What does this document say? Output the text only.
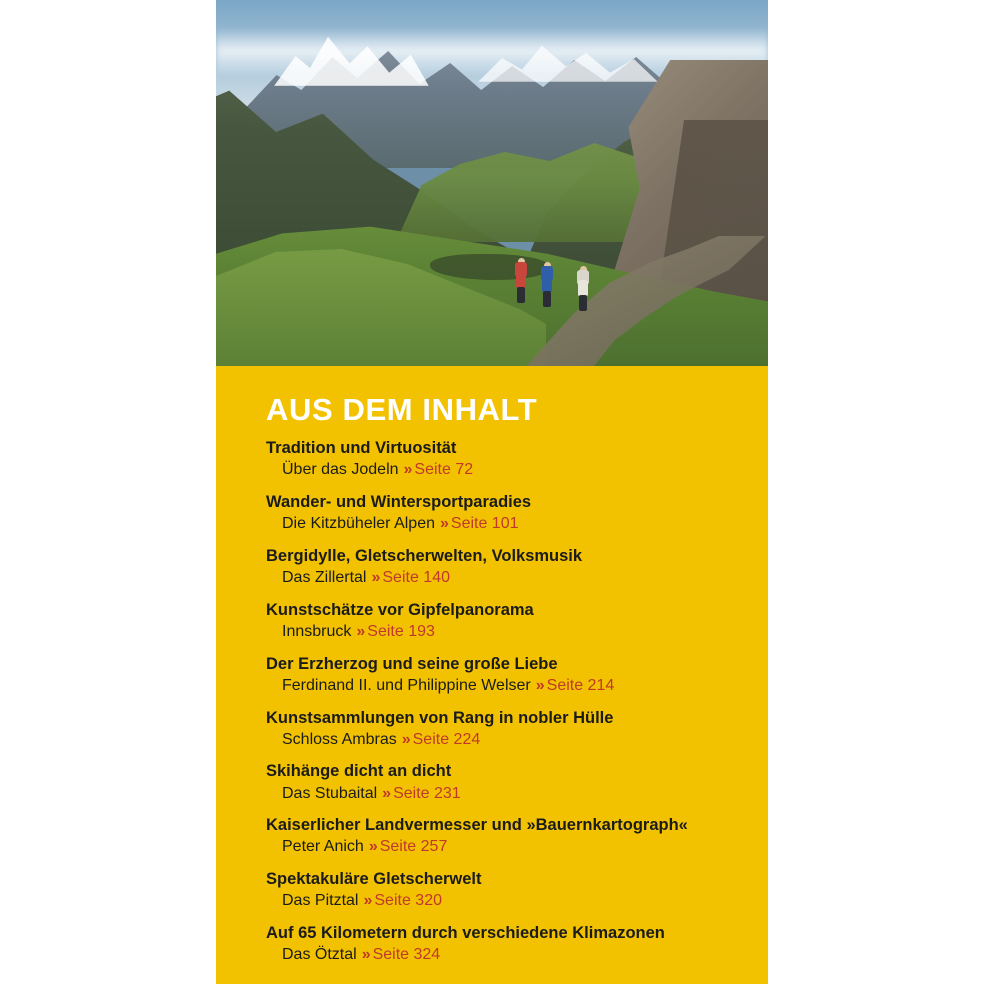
AUS DEM INHALT
Tradition und Virtuosität
Über das Jodeln » Seite 72
Wander- und Wintersportparadies
Die Kitzbüheler Alpen » Seite 101
Bergidylle, Gletscherwelten, Volksmusik
Das Zillertal » Seite 140
Kunstschätze vor Gipfelpanorama
Innsbruck » Seite 193
Der Erzherzog und seine große Liebe
Ferdinand II. und Philippine Welser » Seite 214
Kunstsammlungen von Rang in nobler Hülle
Schloss Ambras » Seite 224
Skihänge dicht an dicht
Das Stubaital » Seite 231
Kaiserlicher Landvermesser und »Bauernkartograph«
Peter Anich » Seite 257
Spektakuläre Gletscherwelt
Das Pitztal » Seite 320
Auf 65 Kilometern durch verschiedene Klimazonen
Das Ötztal » Seite 324
